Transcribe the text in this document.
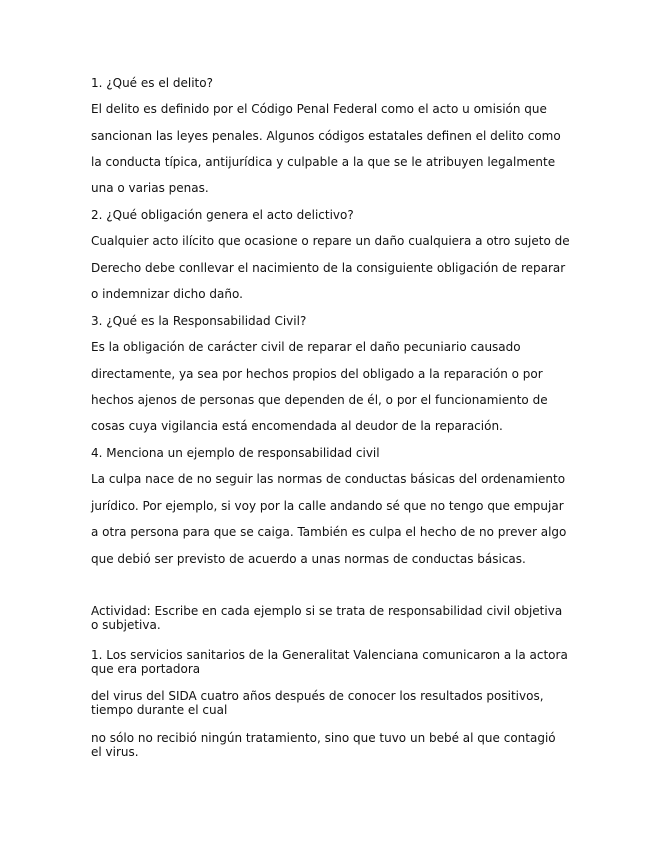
1. ¿Qué es el delito?
El delito es definido por el Código Penal Federal como el acto u omisión que
sancionan las leyes penales. Algunos códigos estatales definen el delito como
la conducta típica, antijurídica y culpable a la que se le atribuyen legalmente
una o varias penas.
2. ¿Qué obligación genera el acto delictivo?
Cualquier acto ilícito que ocasione o repare un daño cualquiera a otro sujeto de
Derecho debe conllevar el nacimiento de la consiguiente obligación de reparar
o indemnizar dicho daño.
3. ¿Qué es la Responsabilidad Civil?
Es la obligación de carácter civil de reparar el daño pecuniario causado
directamente, ya sea por hechos propios del obligado a la reparación o por
hechos ajenos de personas que dependen de él, o por el funcionamiento de
cosas cuya vigilancia está encomendada al deudor de la reparación.
4. Menciona un ejemplo de responsabilidad civil
La culpa nace de no seguir las normas de conductas básicas del ordenamiento
jurídico. Por ejemplo, si voy por la calle andando sé que no tengo que empujar
a otra persona para que se caiga. También es culpa el hecho de no prever algo
que debió ser previsto de acuerdo a unas normas de conductas básicas.
Actividad: Escribe en cada ejemplo si se trata de responsabilidad civil objetiva o subjetiva.
1. Los servicios sanitarios de la Generalitat Valenciana comunicaron a la actora que era portadora
del virus del SIDA cuatro años después de conocer los resultados positivos, tiempo durante el cual
no sólo no recibió ningún tratamiento, sino que tuvo un bebé al que contagió el virus.
